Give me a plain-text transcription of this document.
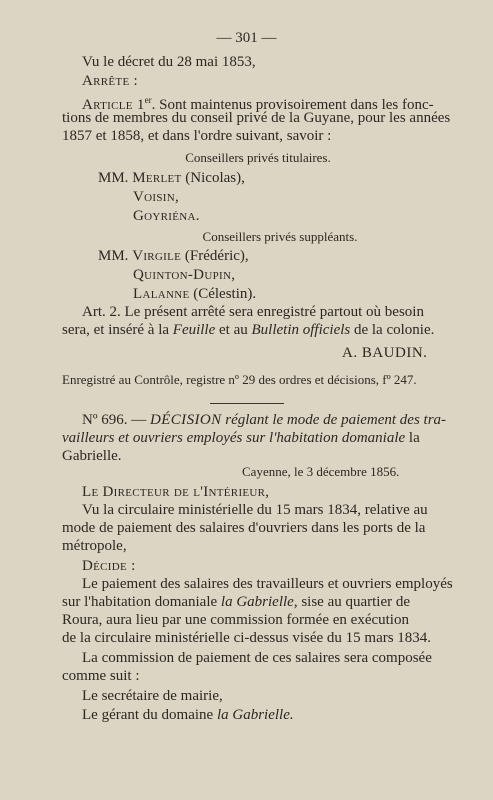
— 301 —
Vu le décret du 28 mai 1853,
Arrête :
Article 1er. Sont maintenus provisoirement dans les fonc-
tions de membres du conseil privé de la Guyane, pour les années
1857 et 1858, et dans l'ordre suivant, savoir :
Conseillers privés titulaires.
MM. Merlet (Nicolas),
Voisin,
Goyriéna.
Conseillers privés suppléants.
MM. Virgile (Frédéric),
Quinton-Dupin,
Lalanne (Célestin).
Art. 2. Le présent arrêté sera enregistré partout où besoin
sera, et inséré à la Feuille et au Bulletin officiels de la colonie.
A. BAUDIN.
Enregistré au Contrôle, registre nº 29 des ordres et décisions, fº 247.
Nº 696. — DÉCISION réglant le mode de paiement des tra-
vailleurs et ouvriers employés sur l'habitation domaniale la
Gabrielle.
Cayenne, le 3 décembre 1856.
Le Directeur de l'Intérieur,
Vu la circulaire ministérielle du 15 mars 1834, relative au
mode de paiement des salaires d'ouvriers dans les ports de la
métropole,
Décide :
Le paiement des salaires des travailleurs et ouvriers employés
sur l'habitation domaniale la Gabrielle, sise au quartier de
Roura, aura lieu par une commission formée en exécution
de la circulaire ministérielle ci-dessus visée du 15 mars 1834.
La commission de paiement de ces salaires sera composée
comme suit :
Le secrétaire de mairie,
Le gérant du domaine la Gabrielle.
